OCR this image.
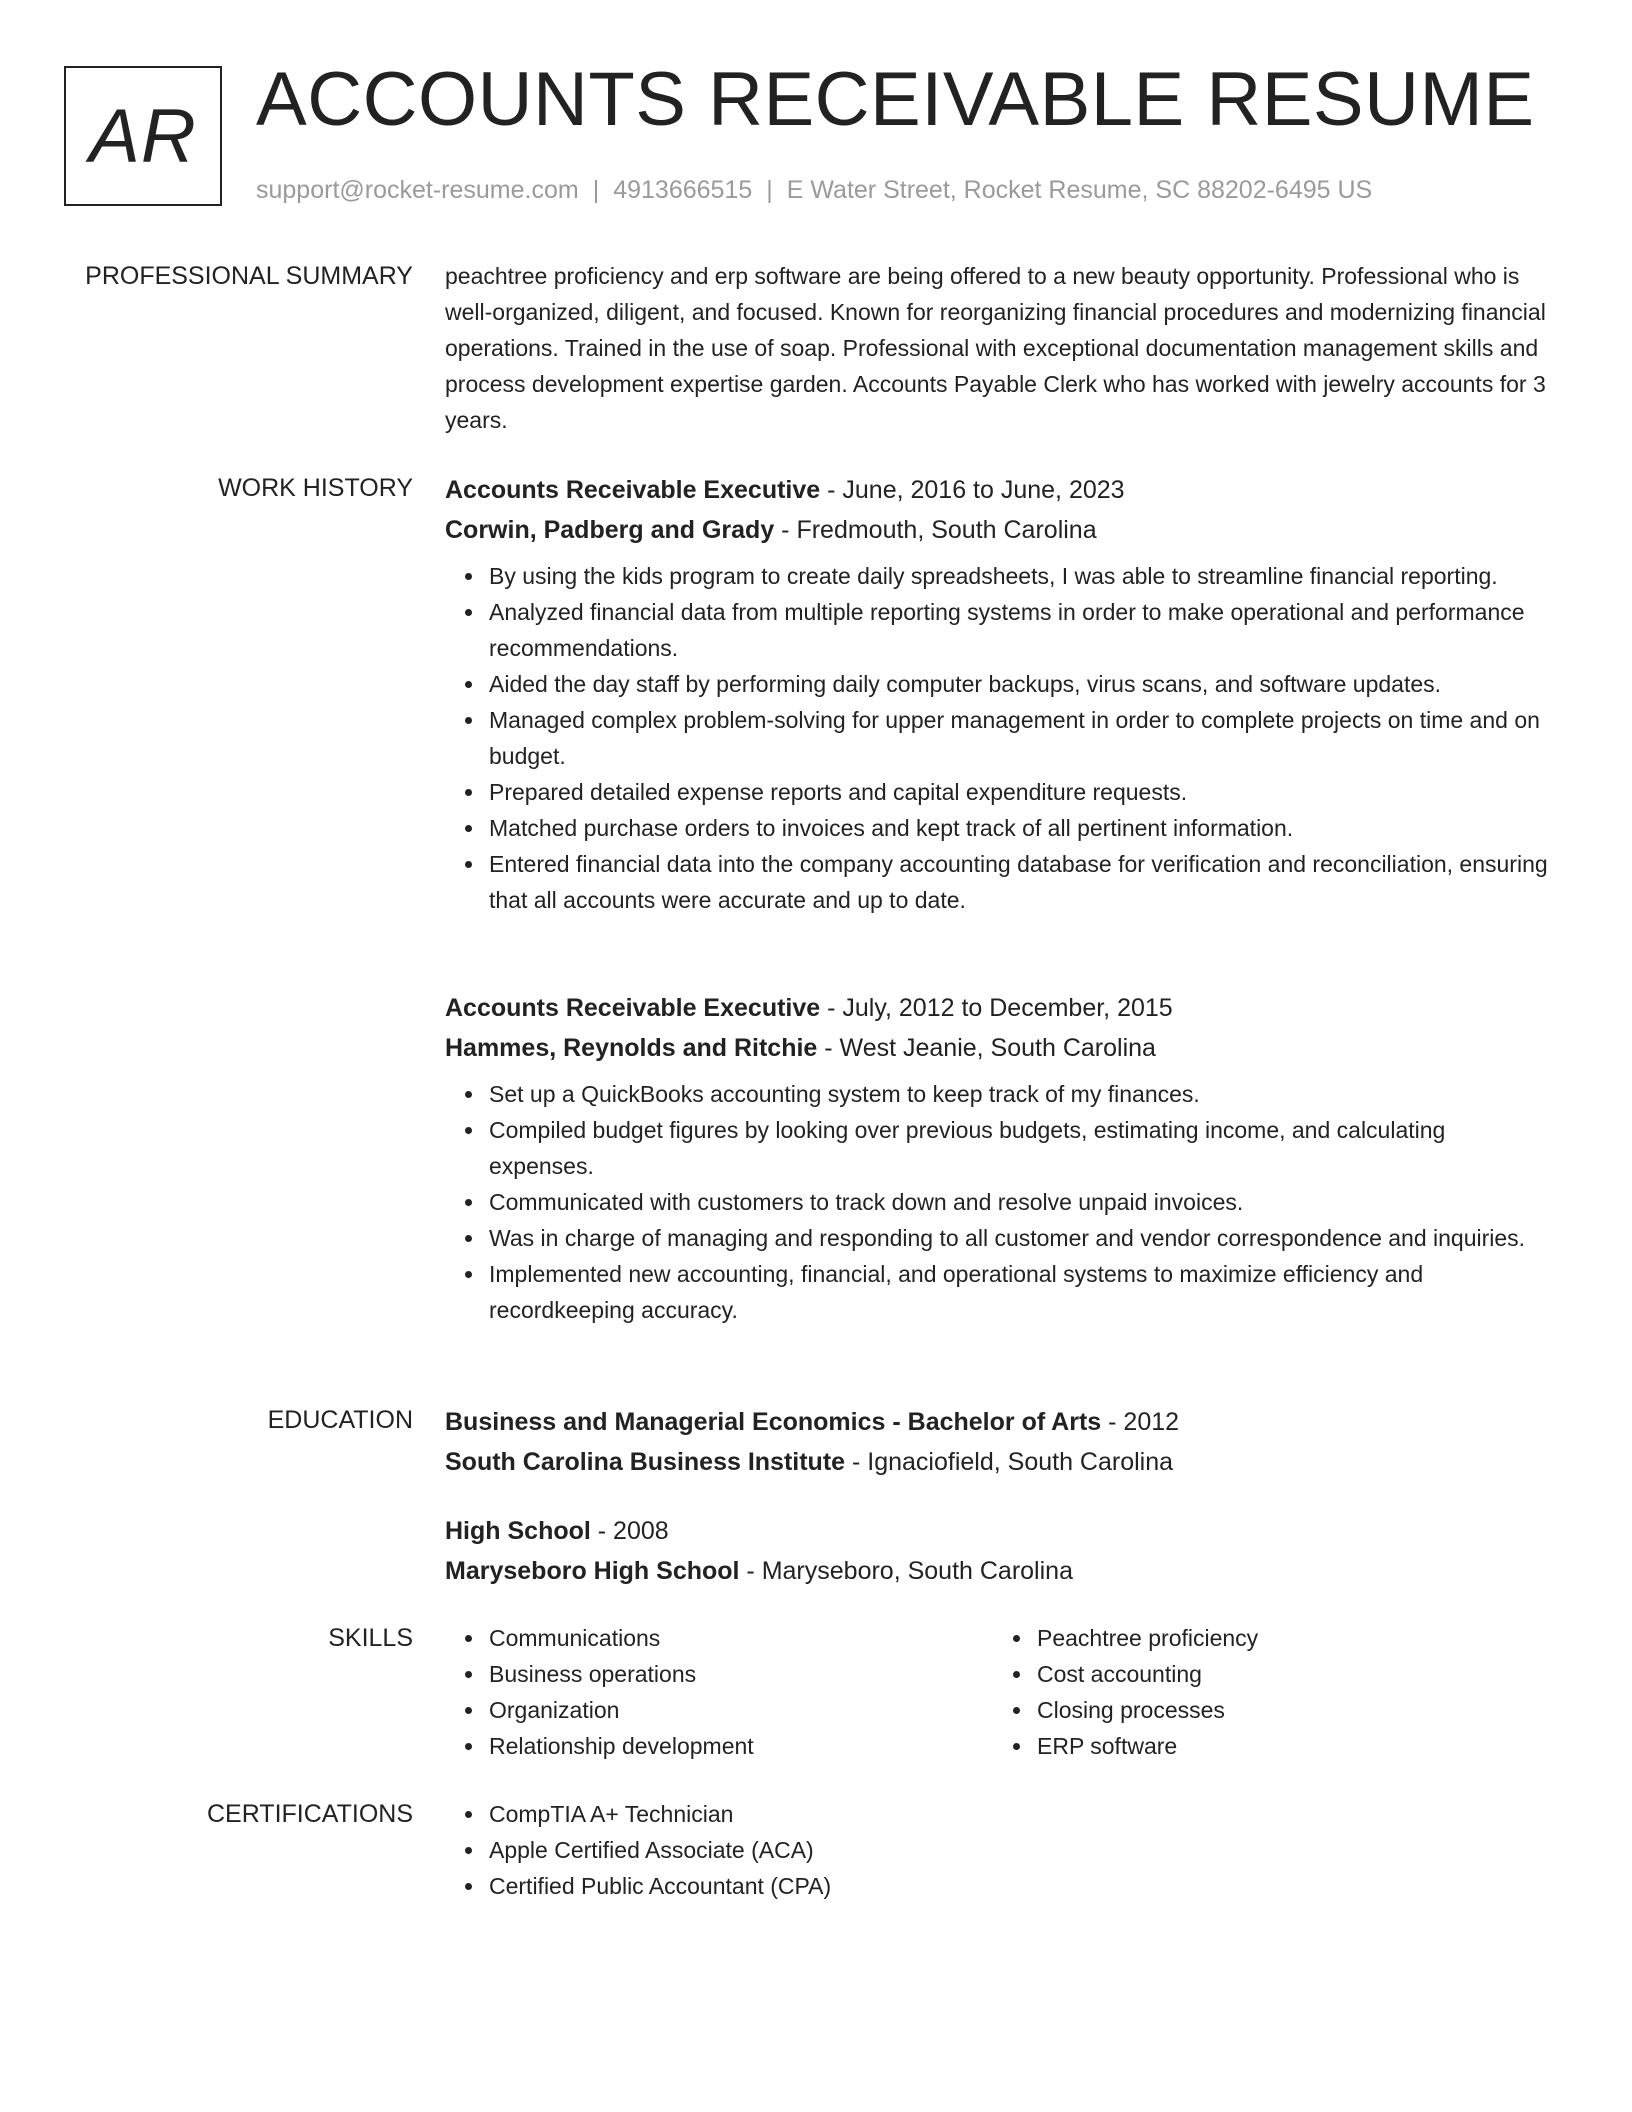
AR ACCOUNTS RECEIVABLE RESUME
support@rocket-resume.com | 4913666515 | E Water Street, Rocket Resume, SC 88202-6495 US
PROFESSIONAL SUMMARY peachtree proficiency and erp software are being offered to a new beauty opportunity. Professional who is well-organized, diligent, and focused. Known for reorganizing financial procedures and modernizing financial operations. Trained in the use of soap. Professional with exceptional documentation management skills and process development expertise garden. Accounts Payable Clerk who has worked with jewelry accounts for 3 years.

WORK HISTORY Accounts Receivable Executive - June, 2016 to June, 2023
Corwin, Padberg and Grady - Fredmouth, South Carolina
By using the kids program to create daily spreadsheets, I was able to streamline financial reporting.
Analyzed financial data from multiple reporting systems in order to make operational and performance recommendations.
Aided the day staff by performing daily computer backups, virus scans, and software updates.
Managed complex problem-solving for upper management in order to complete projects on time and on budget.
Prepared detailed expense reports and capital expenditure requests.
Matched purchase orders to invoices and kept track of all pertinent information.
Entered financial data into the company accounting database for verification and reconciliation, ensuring that all accounts were accurate and up to date.
Accounts Receivable Executive - July, 2012 to December, 2015
Hammes, Reynolds and Ritchie - West Jeanie, South Carolina
Set up a QuickBooks accounting system to keep track of my finances.
Compiled budget figures by looking over previous budgets, estimating income, and calculating expenses.
Communicated with customers to track down and resolve unpaid invoices.
Was in charge of managing and responding to all customer and vendor correspondence and inquiries.
Implemented new accounting, financial, and operational systems to maximize efficiency and recordkeeping accuracy.
EDUCATION Business and Managerial Economics - Bachelor of Arts - 2012
South Carolina Business Institute - Ignaciofield, South Carolina
High School - 2008
Maryseboro High School - Maryseboro, South Carolina
SKILLS	Communications
Business operations
Organization
Relationship development
Peachtree proficiency
Cost accounting
Closing processes
ERP software
CERTIFICATIONS	CompTIA A+ Technician
Apple Certified Associate (ACA)
Certified Public Accountant (CPA)
